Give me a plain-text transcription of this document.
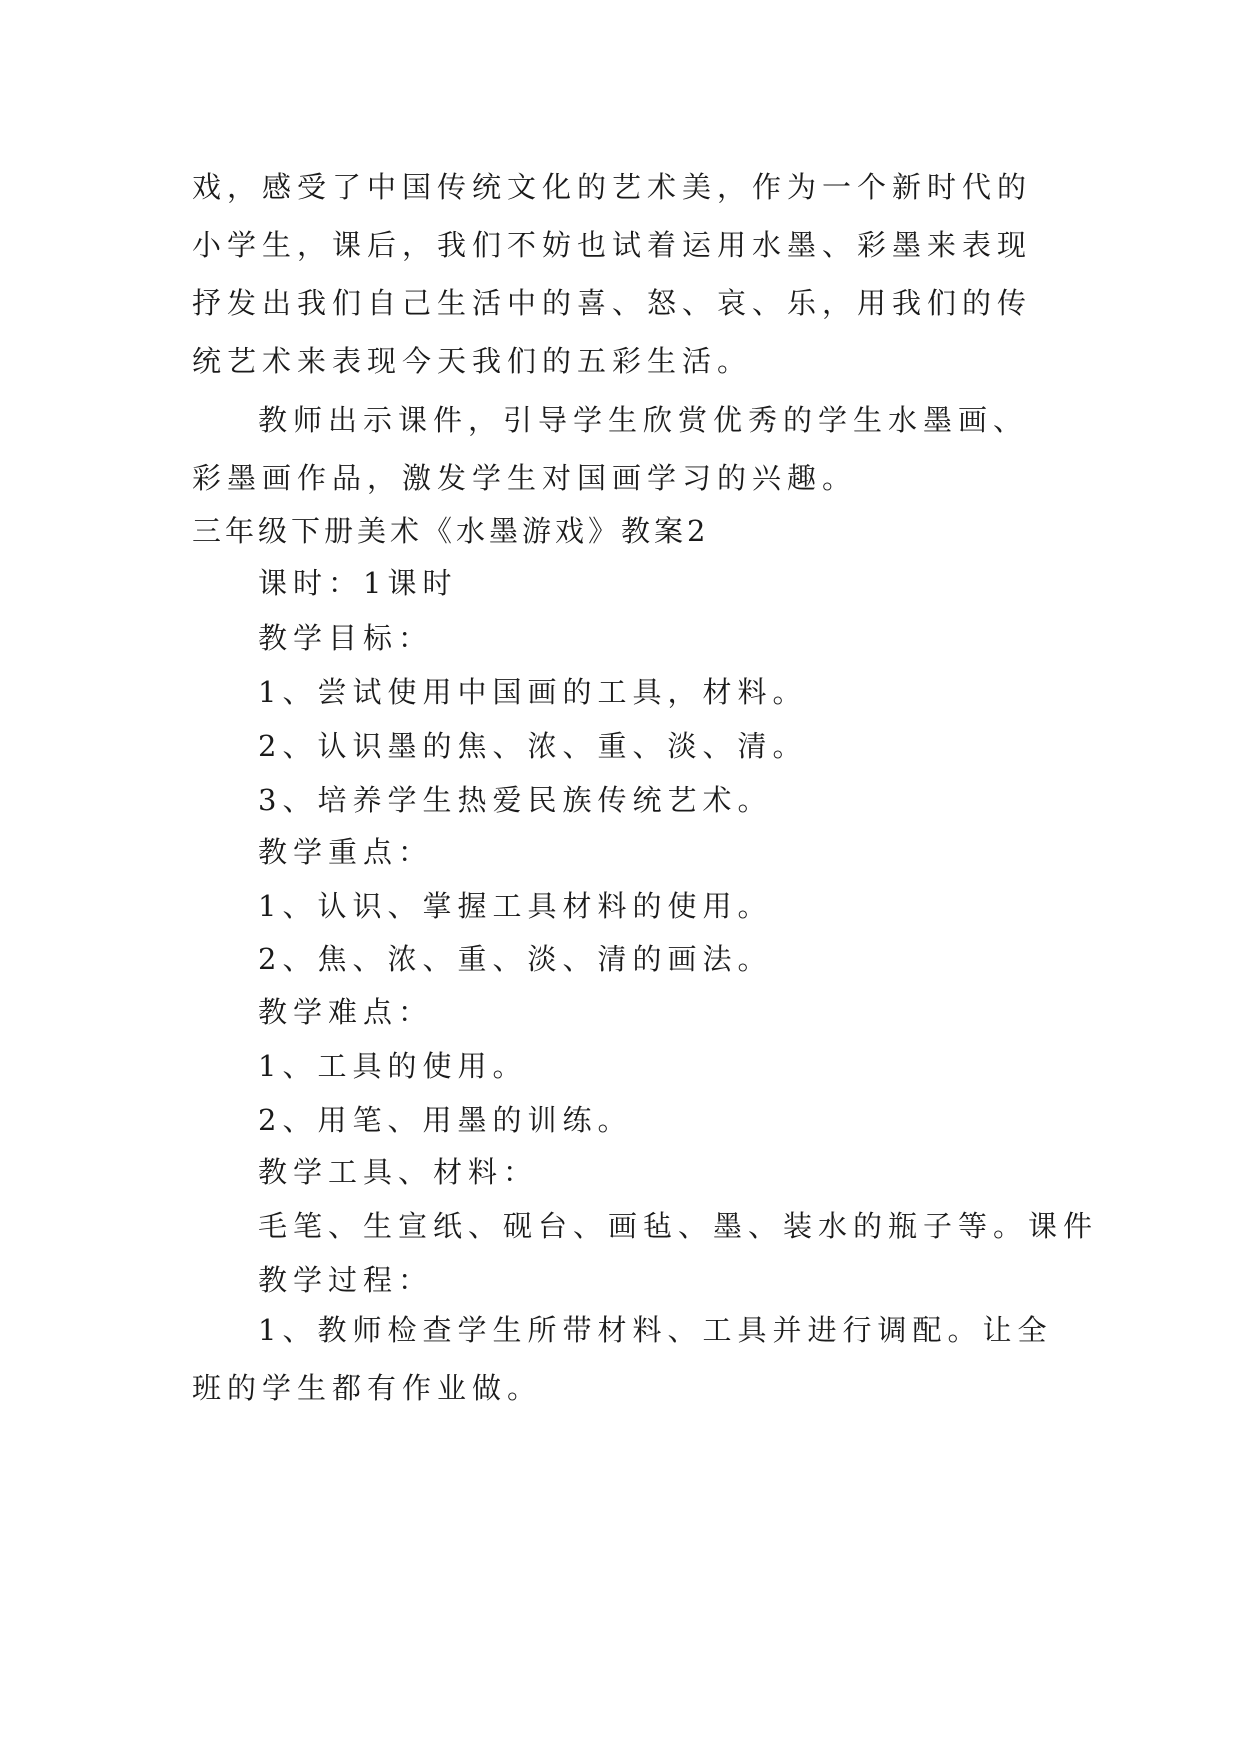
戏，感受了中国传统文化的艺术美，作为一个新时代的小学生，课后，我们不妨也试着运用水墨、彩墨来表现抒发出我们自己生活中的喜、怒、哀、乐，用我们的传统艺术来表现今天我们的五彩生活。

教师出示课件，引导学生欣赏优秀的学生水墨画、彩墨画作品，激发学生对国画学习的兴趣。

三年级下册美术《水墨游戏》教案2
课时：1课时
教学目标：
1、尝试使用中国画的工具，材料。
2、认识墨的焦、浓、重、淡、清。
3、培养学生热爱民族传统艺术。
教学重点：
1、认识、掌握工具材料的使用。
2、焦、浓、重、淡、清的画法。
教学难点：
1、工具的使用。
2、用笔、用墨的训练。
教学工具、材料：
毛笔、生宣纸、砚台、画毡、墨、装水的瓶子等。课件
教学过程：

1、教师检查学生所带材料、工具并进行调配。让全班的学生都有作业做。
